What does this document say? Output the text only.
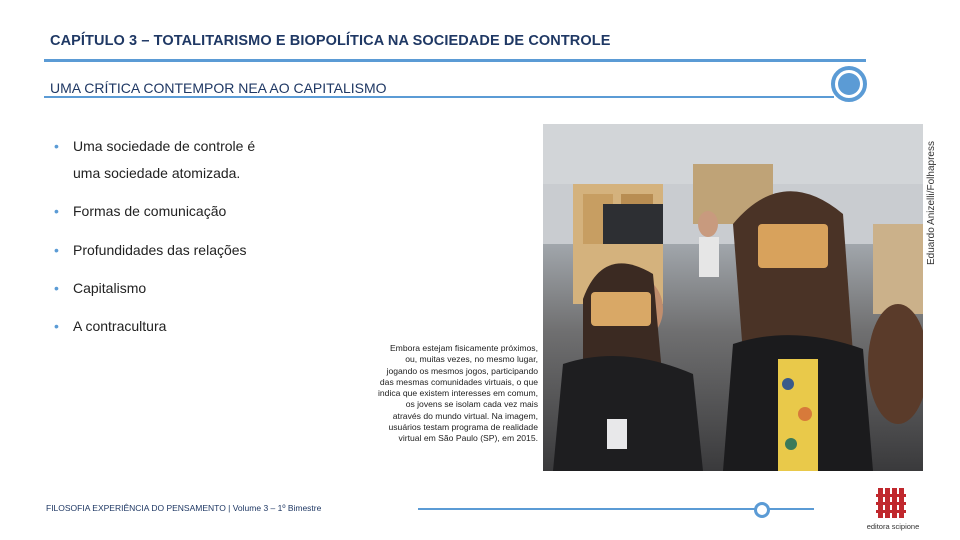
CAPÍTULO 3 – TOTALITARISMO E BIOPOLÍTICA NA SOCIEDADE DE CONTROLE
UMA CRÍTICA CONTEMPOR NEA AO CAPITALISMO
• Uma sociedade de controle é
uma sociedade atomizada.
• Formas de comunicação
• Profundidades das relações
• Capitalismo
• A contracultura
Eduardo Anizelli/Folhapress
Embora estejam fisicamente próximos, ou, muitas vezes, no mesmo lugar, jogando os mesmos jogos, participando das mesmas comunidades virtuais, o que indica que existem interesses em comum, os jovens se isolam cada vez mais através do mundo virtual. Na imagem, usuários testam programa de realidade virtual em São Paulo (SP), em 2015.
FILOSOFIA EXPERIÊNCIA DO PENSAMENTO | Volume 3 – 1º Bimestre
editora scipione
